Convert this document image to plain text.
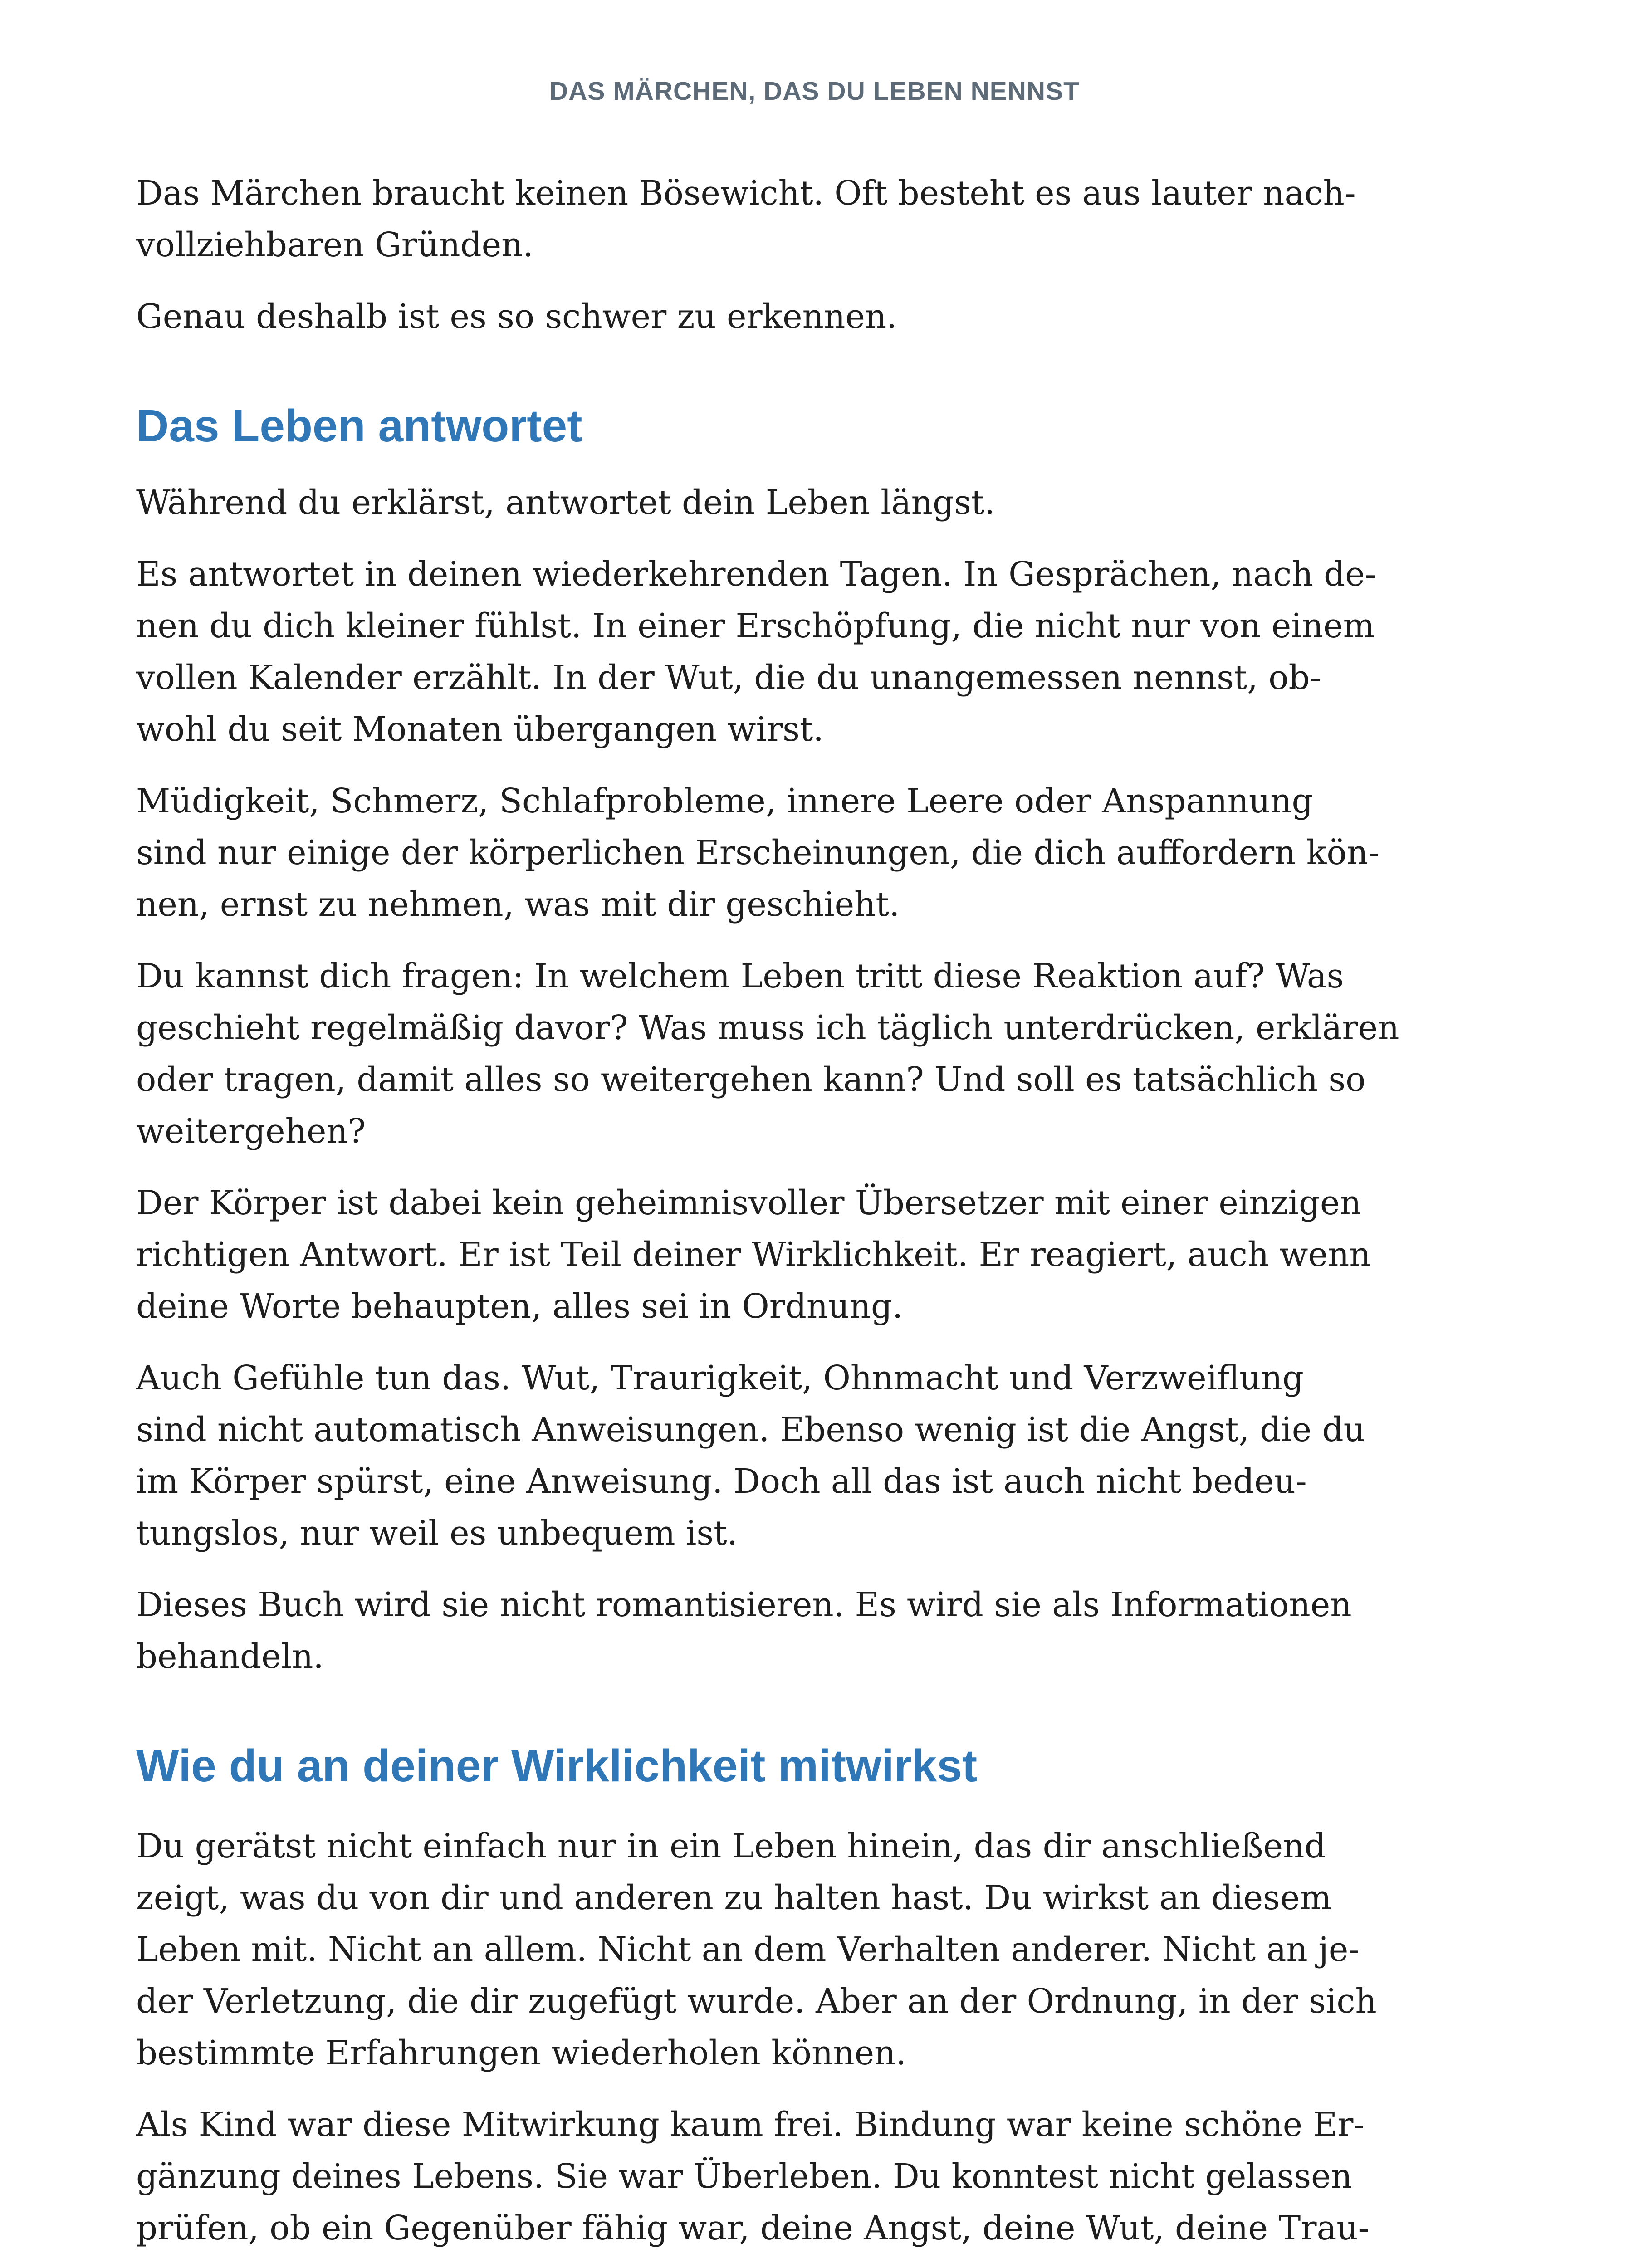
DAS MÄRCHEN, DAS DU LEBEN NENNST

Das Märchen braucht keinen Bösewicht. Oft besteht es aus lauter nach-
vollziehbaren Gründen.

Genau deshalb ist es so schwer zu erkennen.

Das Leben antwortet

Während du erklärst, antwortet dein Leben längst.

Es antwortet in deinen wiederkehrenden Tagen. In Gesprächen, nach de-
nen du dich kleiner fühlst. In einer Erschöpfung, die nicht nur von einem
vollen Kalender erzählt. In der Wut, die du unangemessen nennst, ob-
wohl du seit Monaten übergangen wirst.

Müdigkeit, Schmerz, Schlafprobleme, innere Leere oder Anspannung
sind nur einige der körperlichen Erscheinungen, die dich auffordern kön-
nen, ernst zu nehmen, was mit dir geschieht.

Du kannst dich fragen: In welchem Leben tritt diese Reaktion auf? Was
geschieht regelmäßig davor? Was muss ich täglich unterdrücken, erklären
oder tragen, damit alles so weitergehen kann? Und soll es tatsächlich so
weitergehen?

Der Körper ist dabei kein geheimnisvoller Übersetzer mit einer einzigen
richtigen Antwort. Er ist Teil deiner Wirklichkeit. Er reagiert, auch wenn
deine Worte behaupten, alles sei in Ordnung.

Auch Gefühle tun das. Wut, Traurigkeit, Ohnmacht und Verzweiflung
sind nicht automatisch Anweisungen. Ebenso wenig ist die Angst, die du
im Körper spürst, eine Anweisung. Doch all das ist auch nicht bedeu-
tungslos, nur weil es unbequem ist.

Dieses Buch wird sie nicht romantisieren. Es wird sie als Informationen
behandeln.

Wie du an deiner Wirklichkeit mitwirkst

Du gerätst nicht einfach nur in ein Leben hinein, das dir anschließend
zeigt, was du von dir und anderen zu halten hast. Du wirkst an diesem
Leben mit. Nicht an allem. Nicht an dem Verhalten anderer. Nicht an je-
der Verletzung, die dir zugefügt wurde. Aber an der Ordnung, in der sich
bestimmte Erfahrungen wiederholen können.

Als Kind war diese Mitwirkung kaum frei. Bindung war keine schöne Er-
gänzung deines Lebens. Sie war Überleben. Du konntest nicht gelassen
prüfen, ob ein Gegenüber fähig war, deine Angst, deine Wut, deine Trau-
